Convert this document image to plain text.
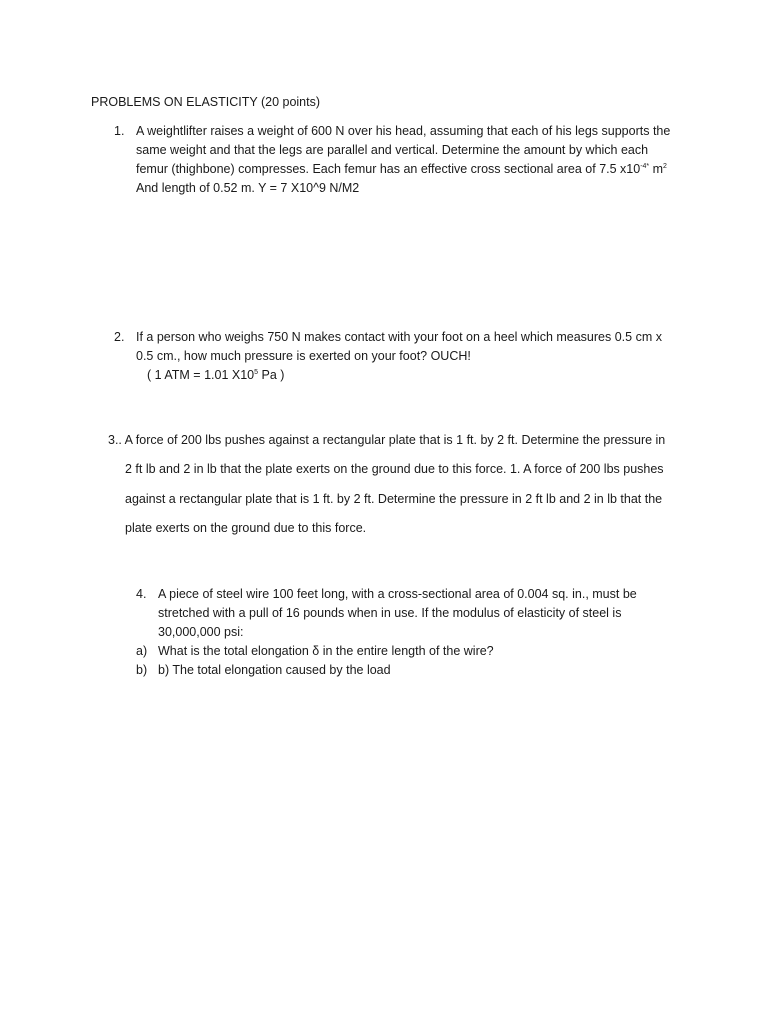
PROBLEMS ON ELASTICITY (20 points)
1. A weightlifter raises a weight of 600 N over his head, assuming that each of his legs supports the
same weight and that the legs are parallel and vertical. Determine the amount by which each
femur (thighbone) compresses. Each femur has an effective cross sectional area of 7.5 $x10^{-4*}$ $m^2$
And length of 0.52 m. Y = 7 X10^9 N/M2
2. If a person who weighs 750 N makes contact with your foot on a heel which measures 0.5 cm x
0.5 cm., how much pressure is exerted on your foot? OUCH!
( 1 ATM = 1.01 $X10^5$ Pa )
3.. A force of 200 lbs pushes against a rectangular plate that is 1 ft. by 2 ft. Determine the pressure in
2 ft lb and 2 in lb that the plate exerts on the ground due to this force. 1. A force of 200 lbs pushes
against a rectangular plate that is 1 ft. by 2 ft. Determine the pressure in 2 ft lb and 2 in lb that the
plate exerts on the ground due to this force.
4. A piece of steel wire 100 feet long, with a cross-sectional area of 0.004 sq. in., must be
stretched with a pull of 16 pounds when in use. If the modulus of elasticity of steel is
30,000,000 psi:
a) What is the total elongation δ in the entire length of the wire?
b) b) The total elongation caused by the load
